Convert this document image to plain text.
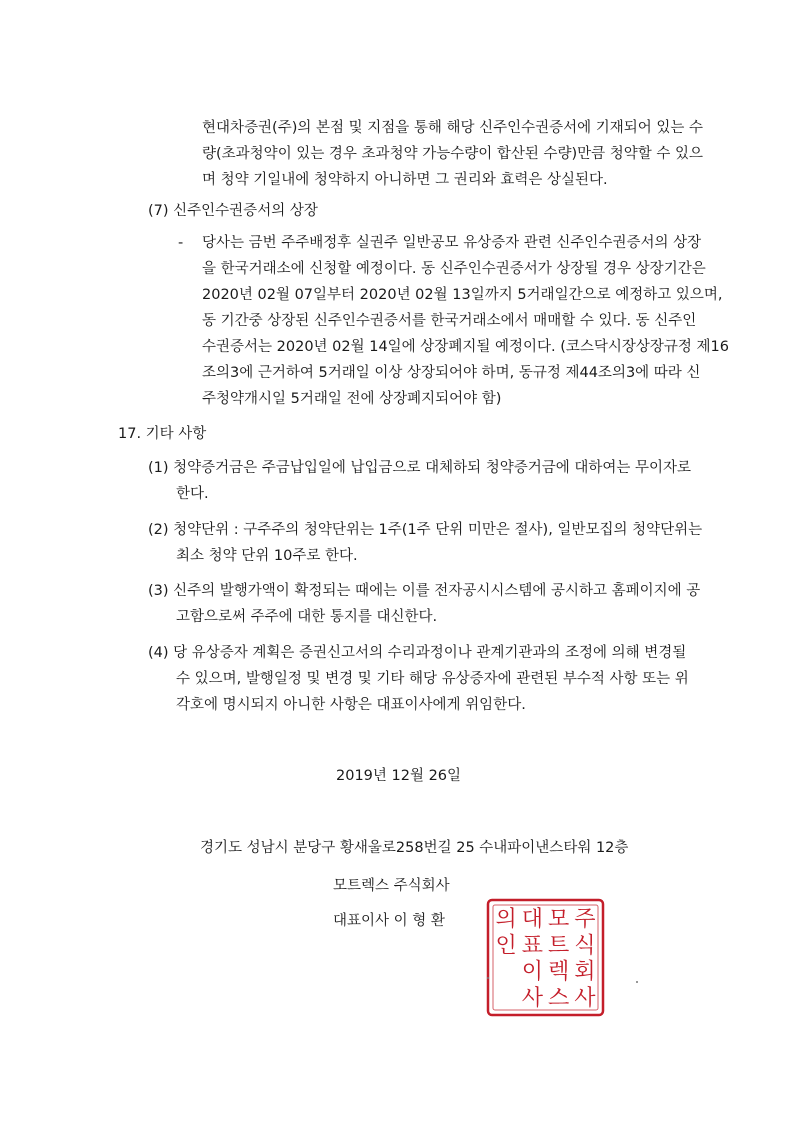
현대차증권(주)의 본점 및 지점을 통해 해당 신주인수권증서에 기재되어 있는 수
량(초과청약이 있는 경우 초과청약 가능수량이 합산된 수량)만큼 청약할 수 있으
며 청약 기일내에 청약하지 아니하면 그 권리와 효력은 상실된다.
(7) 신주인수권증서의 상장
- 당사는 금번 주주배정후 실권주 일반공모 유상증자 관련 신주인수권증서의 상장
을 한국거래소에 신청할 예정이다. 동 신주인수권증서가 상장될 경우 상장기간은
2020년 02월 07일부터 2020년 02월 13일까지 5거래일간으로 예정하고 있으며,
동 기간중 상장된 신주인수권증서를 한국거래소에서 매매할 수 있다. 동 신주인
수권증서는 2020년 02월 14일에 상장폐지될 예정이다. (코스닥시장상장규정 제16
조의3에 근거하여 5거래일 이상 상장되어야 하며, 동규정 제44조의3에 따라 신
주청약개시일 5거래일 전에 상장폐지되어야 함)
17. 기타 사항
(1) 청약증거금은 주금납입일에 납입금으로 대체하되 청약증거금에 대하여는 무이자로
한다.
(2) 청약단위 : 구주주의 청약단위는 1주(1주 단위 미만은 절사), 일반모집의 청약단위는
최소 청약 단위 10주로 한다.
(3) 신주의 발행가액이 확정되는 때에는 이를 전자공시시스템에 공시하고 홈페이지에 공
고함으로써 주주에 대한 통지를 대신한다.
(4) 당 유상증자 계획은 증권신고서의 수리과정이나 관계기관과의 조정에 의해 변경될
수 있으며, 발행일정 및 변경 및 기타 해당 유상증자에 관련된 부수적 사항 또는 위
각호에 명시되지 아니한 사항은 대표이사에게 위임한다.
2019년 12월 26일
경기도 성남시 분당구 황새울로258번길 25 수내파이낸스타워 12층
모트렉스 주식회사
대표이사 이 형 환	주
식
회
사
모
트
렉
스
대
표
이
사
의
인
